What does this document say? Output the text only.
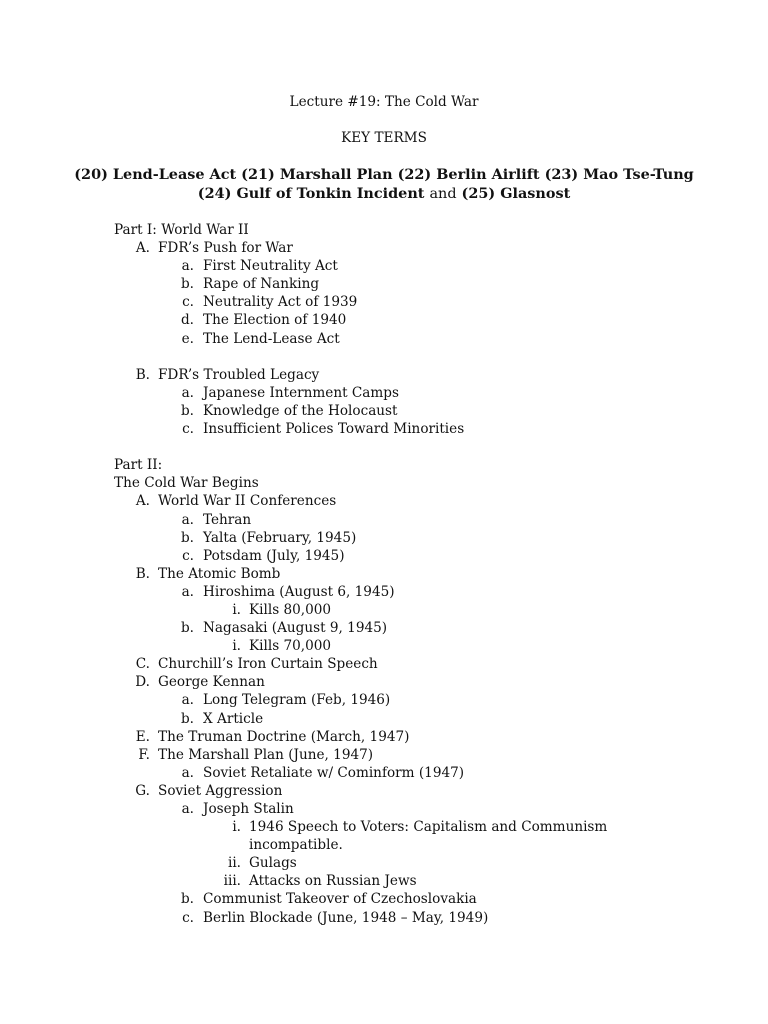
Lecture #19: The Cold War
KEY TERMS
(20) Lend-Lease Act (21) Marshall Plan (22) Berlin Airlift (23) Mao Tse-Tung
(24) Gulf of Tonkin Incident and (25) Glasnost
Part I: World War II
A. FDR’s Push for War
a. First Neutrality Act
b. Rape of Nanking
c. Neutrality Act of 1939
d. The Election of 1940
e. The Lend-Lease Act
B. FDR’s Troubled Legacy
a. Japanese Internment Camps
b. Knowledge of the Holocaust
c. Insufficient Polices Toward Minorities
Part II:
The Cold War Begins
A. World War II Conferences
a. Tehran
b. Yalta (February, 1945)
c. Potsdam (July, 1945)
B. The Atomic Bomb
a. Hiroshima (August 6, 1945)
i. Kills 80,000
b. Nagasaki (August 9, 1945)
i. Kills 70,000
C. Churchill’s Iron Curtain Speech
D. George Kennan
a. Long Telegram (Feb, 1946)
b. X Article
E. The Truman Doctrine (March, 1947)
F. The Marshall Plan (June, 1947)
a. Soviet Retaliate w/ Cominform (1947)
G. Soviet Aggression
a. Joseph Stalin
i. 1946 Speech to Voters: Capitalism and Communism
incompatible.
ii. Gulags
iii. Attacks on Russian Jews
b. Communist Takeover of Czechoslovakia
c. Berlin Blockade (June, 1948 – May, 1949)
